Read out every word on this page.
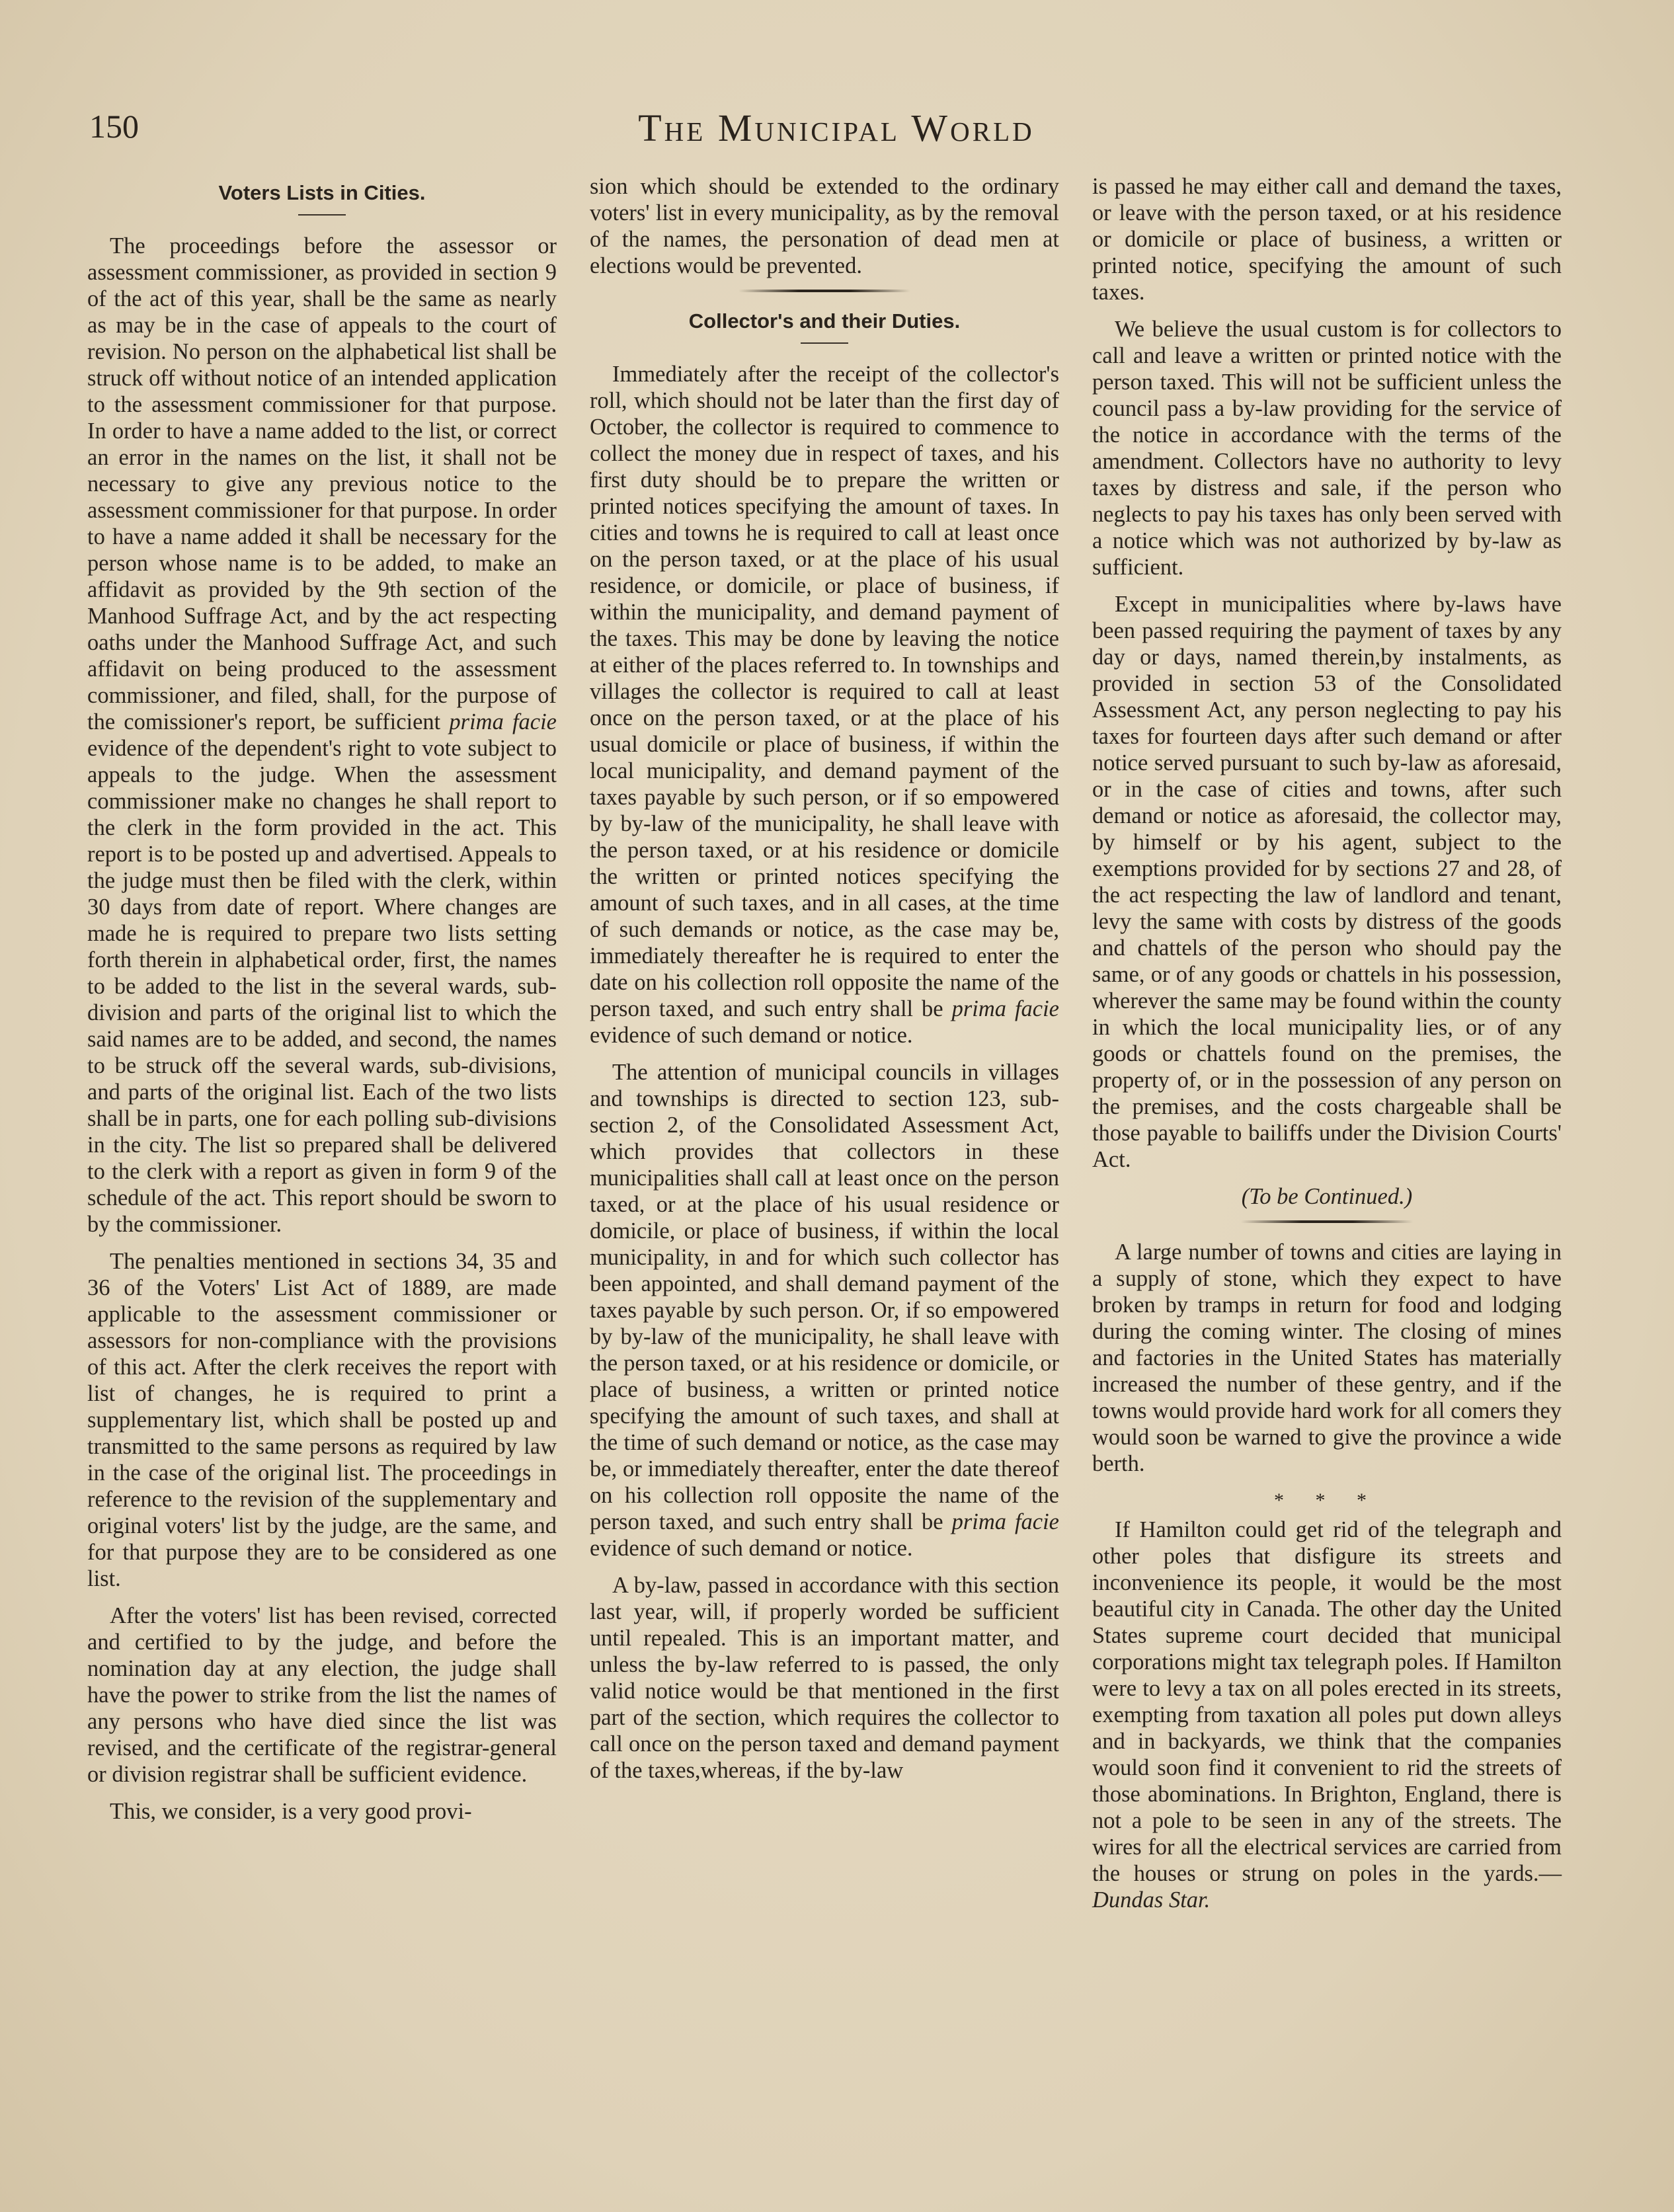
150	The Municipal World
Voters Lists in Cities.

The proceedings before the assessor or assessment commissioner, as provided in section 9 of the act of this year, shall be the same as nearly as may be in the case of appeals to the court of revision. No person on the alphabetical list shall be struck off without notice of an intended application to the assessment commissioner for that purpose. In order to have a name added to the list, or correct an error in the names on the list, it shall not be necessary to give any previous notice to the assessment commissioner for that purpose. In order to have a name added it shall be necessary for the person whose name is to be added, to make an affidavit as provided by the 9th section of the Manhood Suffrage Act, and by the act respecting oaths under the Manhood Suffrage Act, and such affidavit on being produced to the assessment commissioner, and filed, shall, for the purpose of the comissioner's report, be sufficient prima facie evidence of the dependent's right to vote subject to appeals to the judge. When the assessment commissioner make no changes he shall report to the clerk in the form provided in the act. This report is to be posted up and advertised. Appeals to the judge must then be filed with the clerk, within 30 days from date of report. Where changes are made he is required to prepare two lists setting forth therein in alphabetical order, first, the names to be added to the list in the several wards, sub-division and parts of the original list to which the said names are to be added, and second, the names to be struck off the several wards, sub-divisions, and parts of the original list. Each of the two lists shall be in parts, one for each polling sub-divisions in the city. The list so prepared shall be delivered to the clerk with a report as given in form 9 of the schedule of the act. This report should be sworn to by the commissioner.

The penalties mentioned in sections 34, 35 and 36 of the Voters' List Act of 1889, are made applicable to the assessment commissioner or assessors for non-compliance with the provisions of this act. After the clerk receives the report with list of changes, he is required to print a supplementary list, which shall be posted up and transmitted to the same persons as required by law in the case of the original list. The proceedings in reference to the revision of the supplementary and original voters' list by the judge, are the same, and for that purpose they are to be considered as one list.

After the voters' list has been revised, corrected and certified to by the judge, and before the nomination day at any election, the judge shall have the power to strike from the list the names of any persons who have died since the list was revised, and the certificate of the registrar-general or division registrar shall be sufficient evidence.

This, we consider, is a very good provi-

sion which should be extended to the ordinary voters' list in every municipality, as by the removal of the names, the personation of dead men at elections would be prevented.

Collector's and their Duties.

Immediately after the receipt of the collector's roll, which should not be later than the first day of October, the collector is required to commence to collect the money due in respect of taxes, and his first duty should be to prepare the written or printed notices specifying the amount of taxes. In cities and towns he is required to call at least once on the person taxed, or at the place of his usual residence, or domicile, or place of business, if within the municipality, and demand payment of the taxes. This may be done by leaving the notice at either of the places referred to. In townships and villages the collector is required to call at least once on the person taxed, or at the place of his usual domicile or place of business, if within the local municipality, and demand payment of the taxes payable by such person, or if so empowered by by-law of the municipality, he shall leave with the person taxed, or at his residence or domicile the written or printed notices specifying the amount of such taxes, and in all cases, at the time of such demands or notice, as the case may be, immediately thereafter he is required to enter the date on his collection roll opposite the name of the person taxed, and such entry shall be prima facie evidence of such demand or notice.

The attention of municipal councils in villages and townships is directed to section 123, sub-section 2, of the Consolidated Assessment Act, which provides that collectors in these municipalities shall call at least once on the person taxed, or at the place of his usual residence or domicile, or place of business, if within the local municipality, in and for which such collector has been appointed, and shall demand payment of the taxes payable by such person. Or, if so empowered by by-law of the municipality, he shall leave with the person taxed, or at his residence or domicile, or place of business, a written or printed notice specifying the amount of such taxes, and shall at the time of such demand or notice, as the case may be, or immediately thereafter, enter the date thereof on his collection roll opposite the name of the person taxed, and such entry shall be prima facie evidence of such demand or notice.

A by-law, passed in accordance with this section last year, will, if properly worded be sufficient until repealed. This is an important matter, and unless the by-law referred to is passed, the only valid notice would be that mentioned in the first part of the section, which requires the collector to call once on the person taxed and demand payment of the taxes,whereas, if the by-law

is passed he may either call and demand the taxes, or leave with the person taxed, or at his residence or domicile or place of business, a written or printed notice, specifying the amount of such taxes.

We believe the usual custom is for collectors to call and leave a written or printed notice with the person taxed. This will not be sufficient unless the council pass a by-law providing for the service of the notice in accordance with the terms of the amendment. Collectors have no authority to levy taxes by distress and sale, if the person who neglects to pay his taxes has only been served with a notice which was not authorized by by-law as sufficient.

Except in municipalities where by-laws have been passed requiring the payment of taxes by any day or days, named therein,by instalments, as provided in section 53 of the Consolidated Assessment Act, any person neglecting to pay his taxes for fourteen days after such demand or after notice served pursuant to such by-law as aforesaid, or in the case of cities and towns, after such demand or notice as aforesaid, the collector may, by himself or by his agent, subject to the exemptions provided for by sections 27 and 28, of the act respecting the law of landlord and tenant, levy the same with costs by distress of the goods and chattels of the person who should pay the same, or of any goods or chattels in his possession, wherever the same may be found within the county in which the local municipality lies, or of any goods or chattels found on the premises, the property of, or in the possession of any person on the premises, and the costs chargeable shall be those payable to bailiffs under the Division Courts' Act.

(To be Continued.)

A large number of towns and cities are laying in a supply of stone, which they expect to have broken by tramps in return for food and lodging during the coming winter. The closing of mines and factories in the United States has materially increased the number of these gentry, and if the towns would provide hard work for all comers they would soon be warned to give the province a wide berth.

* * *

If Hamilton could get rid of the telegraph and other poles that disfigure its streets and inconvenience its people, it would be the most beautiful city in Canada. The other day the United States supreme court decided that municipal corporations might tax telegraph poles. If Hamilton were to levy a tax on all poles erected in its streets, exempting from taxation all poles put down alleys and in backyards, we think that the companies would soon find it convenient to rid the streets of those abominations. In Brighton, England, there is not a pole to be seen in any of the streets. The wires for all the electrical services are carried from the houses or strung on poles in the yards.— Dundas Star.
